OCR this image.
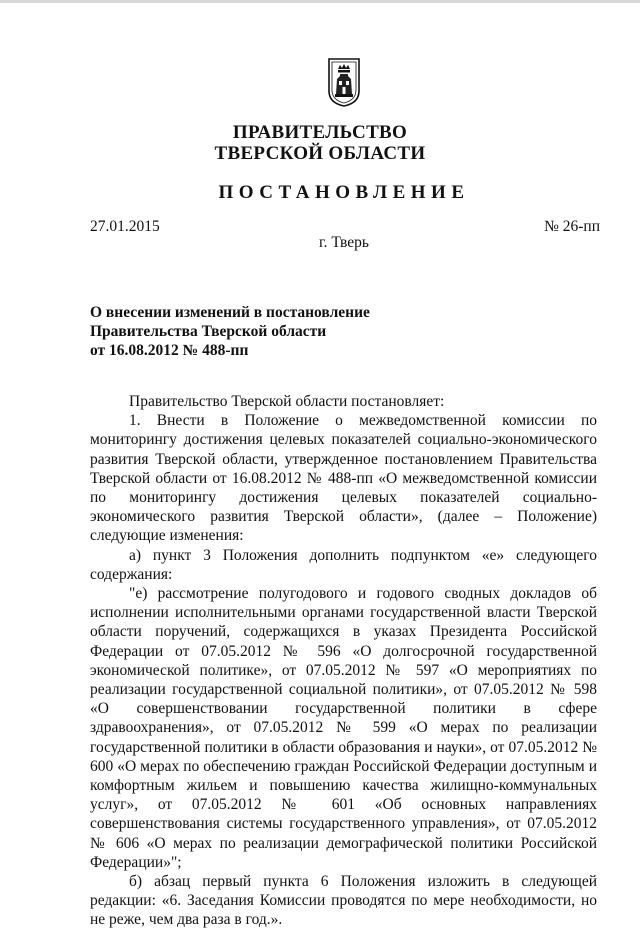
ПРАВИТЕЛЬСТВО
ТВЕРСКОЙ ОБЛАСТИ
ПОСТАНОВЛЕНИЕ
27.01.2015	№ 26-пп
г. Тверь
О внесении изменений в постановление
Правительства Тверской области
от 16.08.2012 № 488-пп

Правительство Тверской области постановляет:

1. Внести в Положение о межведомственной комиссии по мониторингу достижения целевых показателей социально-экономического развития Тверской области, утвержденное постановлением Правительства Тверской области от 16.08.2012 № 488-пп «О межведомственной комиссии по мониторингу достижения целевых показателей социально-экономического развития Тверской области», (далее – Положение) следующие изменения:

а) пункт 3 Положения дополнить подпунктом «е» следующего содержания:

"е) рассмотрение полугодового и годового сводных докладов об исполнении исполнительными органами государственной власти Тверской области поручений, содержащихся в указах Президента Российской Федерации от 07.05.2012 № 596 «О долгосрочной государственной экономической политике», от 07.05.2012 № 597 «О мероприятиях по реализации государственной социальной политики», от 07.05.2012 № 598 «О совершенствовании государственной политики в сфере здравоохранения», от 07.05.2012 № 599 «О мерах по реализации государственной политики в области образования и науки», от 07.05.2012 № 600 «О мерах по обеспечению граждан Российской Федерации доступным и комфортным жильем и повышению качества жилищно-коммунальных услуг», от 07.05.2012 № 601 «Об основных направлениях совершенствования системы государственного управления», от 07.05.2012 № 606 «О мерах по реализации демографической политики Российской Федерации»";

б) абзац первый пункта 6 Положения изложить в следующей редакции: «6. Заседания Комиссии проводятся по мере необходимости, но не реже, чем два раза в год.».
